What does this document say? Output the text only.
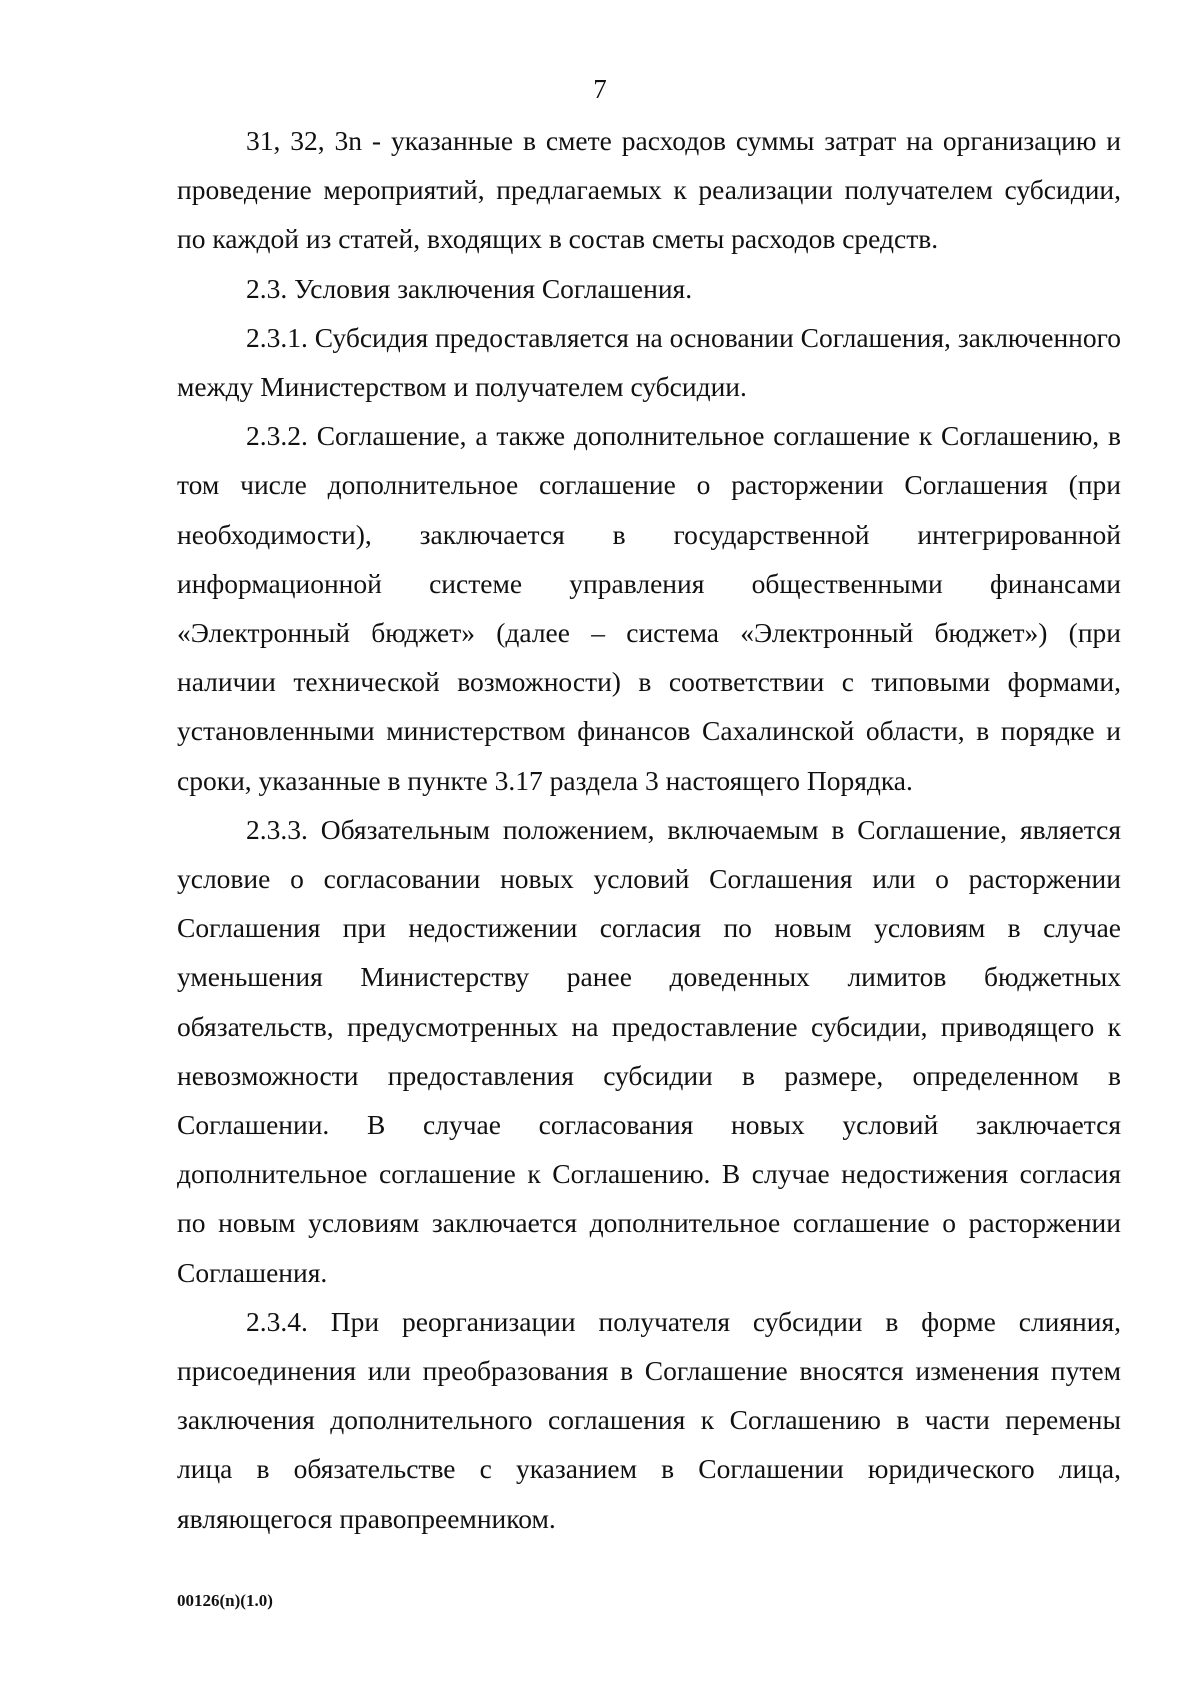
7

31, 32, 3n - указанные в смете расходов суммы затрат на организацию и проведение мероприятий, предлагаемых к реализации получателем субсидии, по каждой из статей, входящих в состав сметы расходов средств.

2.3. Условия заключения Соглашения.

2.3.1. Субсидия предоставляется на основании Соглашения, заключенного между Министерством и получателем субсидии.

2.3.2. Соглашение, а также дополнительное соглашение к Соглашению, в том числе дополнительное соглашение о расторжении Соглашения (при необходимости), заключается в государственной интегрированной информационной системе управления общественными финансами «Электронный бюджет» (далее – система «Электронный бюджет») (при наличии технической возможности) в соответствии с типовыми формами, установленными министерством финансов Сахалинской области, в порядке и сроки, указанные в пункте 3.17 раздела 3 настоящего Порядка.

2.3.3. Обязательным положением, включаемым в Соглашение, является условие о согласовании новых условий Соглашения или о расторжении Соглашения при недостижении согласия по новым условиям в случае уменьшения Министерству ранее доведенных лимитов бюджетных обязательств, предусмотренных на предоставление субсидии, приводящего к невозможности предоставления субсидии в размере, определенном в Соглашении. В случае согласования новых условий заключается дополнительное соглашение к Соглашению. В случае недостижения согласия по новым условиям заключается дополнительное соглашение о расторжении Соглашения.

2.3.4. При реорганизации получателя субсидии в форме слияния, присоединения или преобразования в Соглашение вносятся изменения путем заключения дополнительного соглашения к Соглашению в части перемены лица в обязательстве с указанием в Соглашении юридического лица, являющегося правопреемником.

00126(n)(1.0)
